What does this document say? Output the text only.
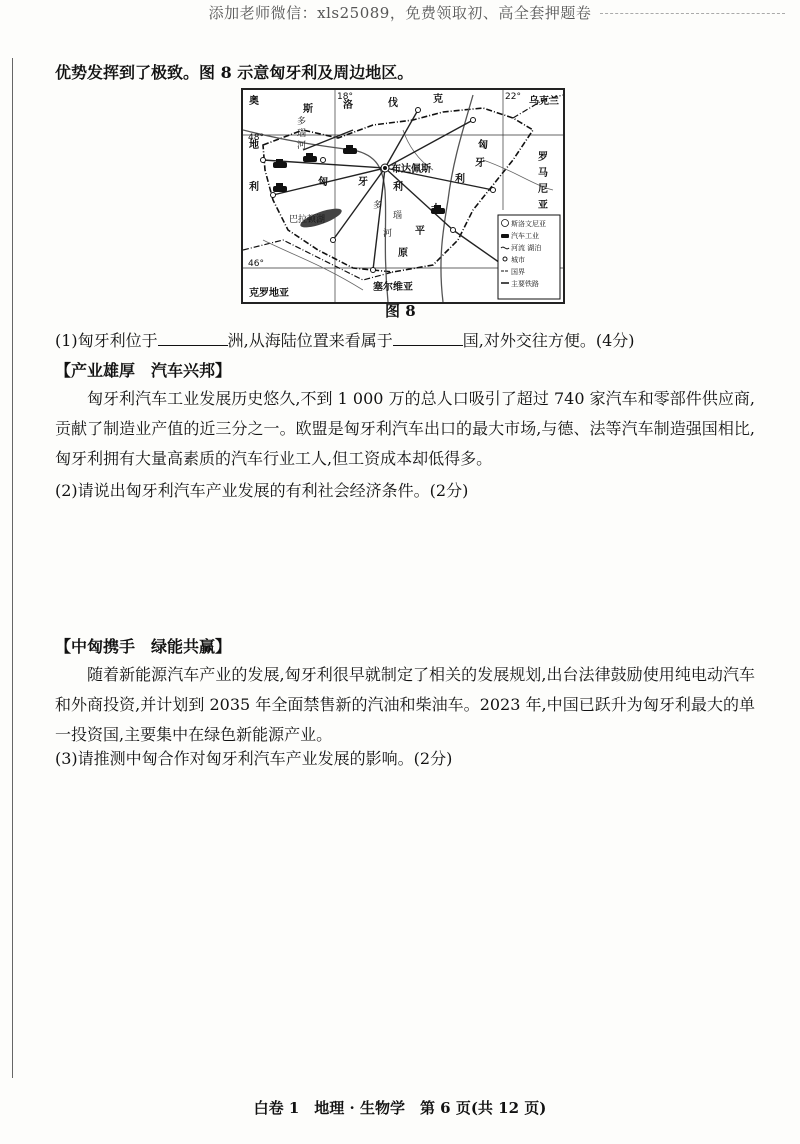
添加老师微信：xls25089，免费领取初、高全套押题卷
优势发挥到了极致。图 8 示意匈牙利及周边地区。
奥
地
利
48°
46°
18°	22°
斯	洛	伐	克	乌克兰
罗
马
尼
亚
多
瑙
河
布达佩斯
匈	牙	利
匈
牙
利
多
瑙
平
原
大
河
巴拉顿湖
克罗地亚
塞尔维亚
斯洛文尼亚
汽车工业
河流 湖泊
城市
国界
主要铁路
图 8
(1)匈牙利位于	洲,从海陆位置来看属于	国,对外交往方便。(4分)
【产业雄厚　汽车兴邦】
匈牙利汽车工业发展历史悠久,不到 1 000 万的总人口吸引了超过 740 家汽车和零部件供应商,贡献了制造业产值的近三分之一。欧盟是匈牙利汽车出口的最大市场,与德、法等汽车制造强国相比,匈牙利拥有大量高素质的汽车行业工人,但工资成本却低得多。
(2)请说出匈牙利汽车产业发展的有利社会经济条件。(2分)
【中匈携手　绿能共赢】
随着新能源汽车产业的发展,匈牙利很早就制定了相关的发展规划,出台法律鼓励使用纯电动汽车和外商投资,并计划到 2035 年全面禁售新的汽油和柴油车。2023 年,中国已跃升为匈牙利最大的单一投资国,主要集中在绿色新能源产业。
(3)请推测中匈合作对匈牙利汽车产业发展的影响。(2分)
白卷 1　地理 · 生物学　第 6 页(共 12 页)
